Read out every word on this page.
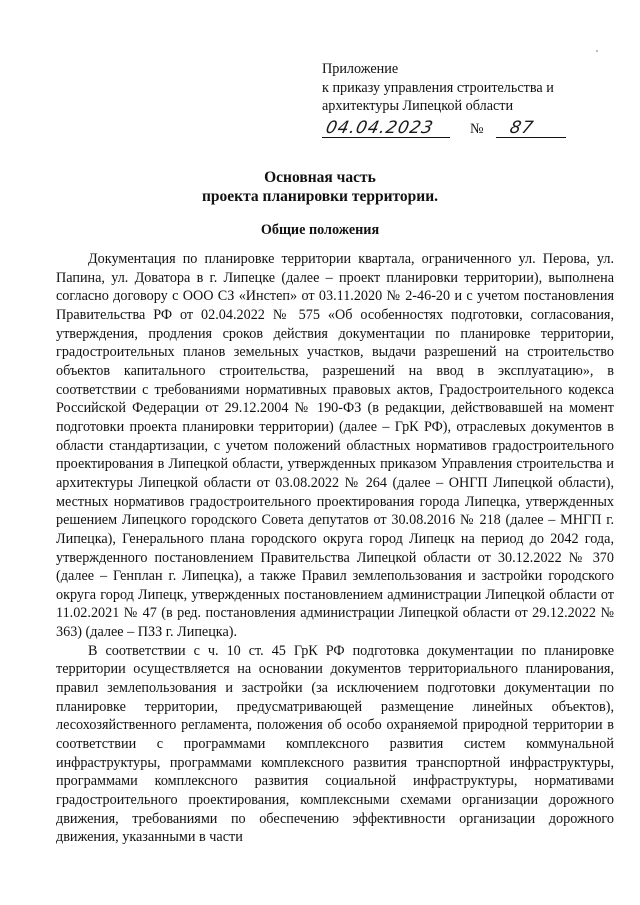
Приложение
к приказу управления строительства и
архитектуры Липецкой области
04.04.2023 № 87
Основная часть
проекта планировки территории.
Общие положения

Документация по планировке территории квартала, ограниченного ул. Перова, ул. Папина, ул. Доватора в г. Липецке (далее – проект планировки территории), выполнена согласно договору с ООО СЗ «Инстеп» от 03.11.2020 № 2-46-20 и с учетом постановления Правительства РФ от 02.04.2022 № 575 «Об особенностях подготовки, согласования, утверждения, продления сроков действия документации по планировке территории, градостроительных планов земельных участков, выдачи разрешений на строительство объектов капитального строительства, разрешений на ввод в эксплуатацию», в соответствии с требованиями нормативных правовых актов, Градостроительного кодекса Российской Федерации от 29.12.2004 № 190-ФЗ (в редакции, действовавшей на момент подготовки проекта планировки территории) (далее – ГрК РФ), отраслевых документов в области стандартизации, с учетом положений областных нормативов градостроительного проектирования в Липецкой области, утвержденных приказом Управления строительства и архитектуры Липецкой области от 03.08.2022 № 264 (далее – ОНГП Липецкой области), местных нормативов градостроительного проектирования города Липецка, утвержденных решением Липецкого городского Совета депутатов от 30.08.2016 № 218 (далее – МНГП г. Липецка), Генерального плана городского округа город Липецк на период до 2042 года, утвержденного постановлением Правительства Липецкой области от 30.12.2022 № 370 (далее – Генплан г. Липецка), а также Правил землепользования и застройки городского округа город Липецк, утвержденных постановлением администрации Липецкой области от 11.02.2021 № 47 (в ред. постановления администрации Липецкой области от 29.12.2022 № 363) (далее – ПЗЗ г. Липецка).

В соответствии с ч. 10 ст. 45 ГрК РФ подготовка документации по планировке территории осуществляется на основании документов территориального планирования, правил землепользования и застройки (за исключением подготовки документации по планировке территории, предусматривающей размещение линейных объектов), лесохозяйственного регламента, положения об особо охраняемой природной территории в соответствии с программами комплексного развития систем коммунальной инфраструктуры, программами комплексного развития транспортной инфраструктуры, программами комплексного развития социальной инфраструктуры, нормативами градостроительного проектирования, комплексными схемами организации дорожного движения, требованиями по обеспечению эффективности организации дорожного движения, указанными в части
